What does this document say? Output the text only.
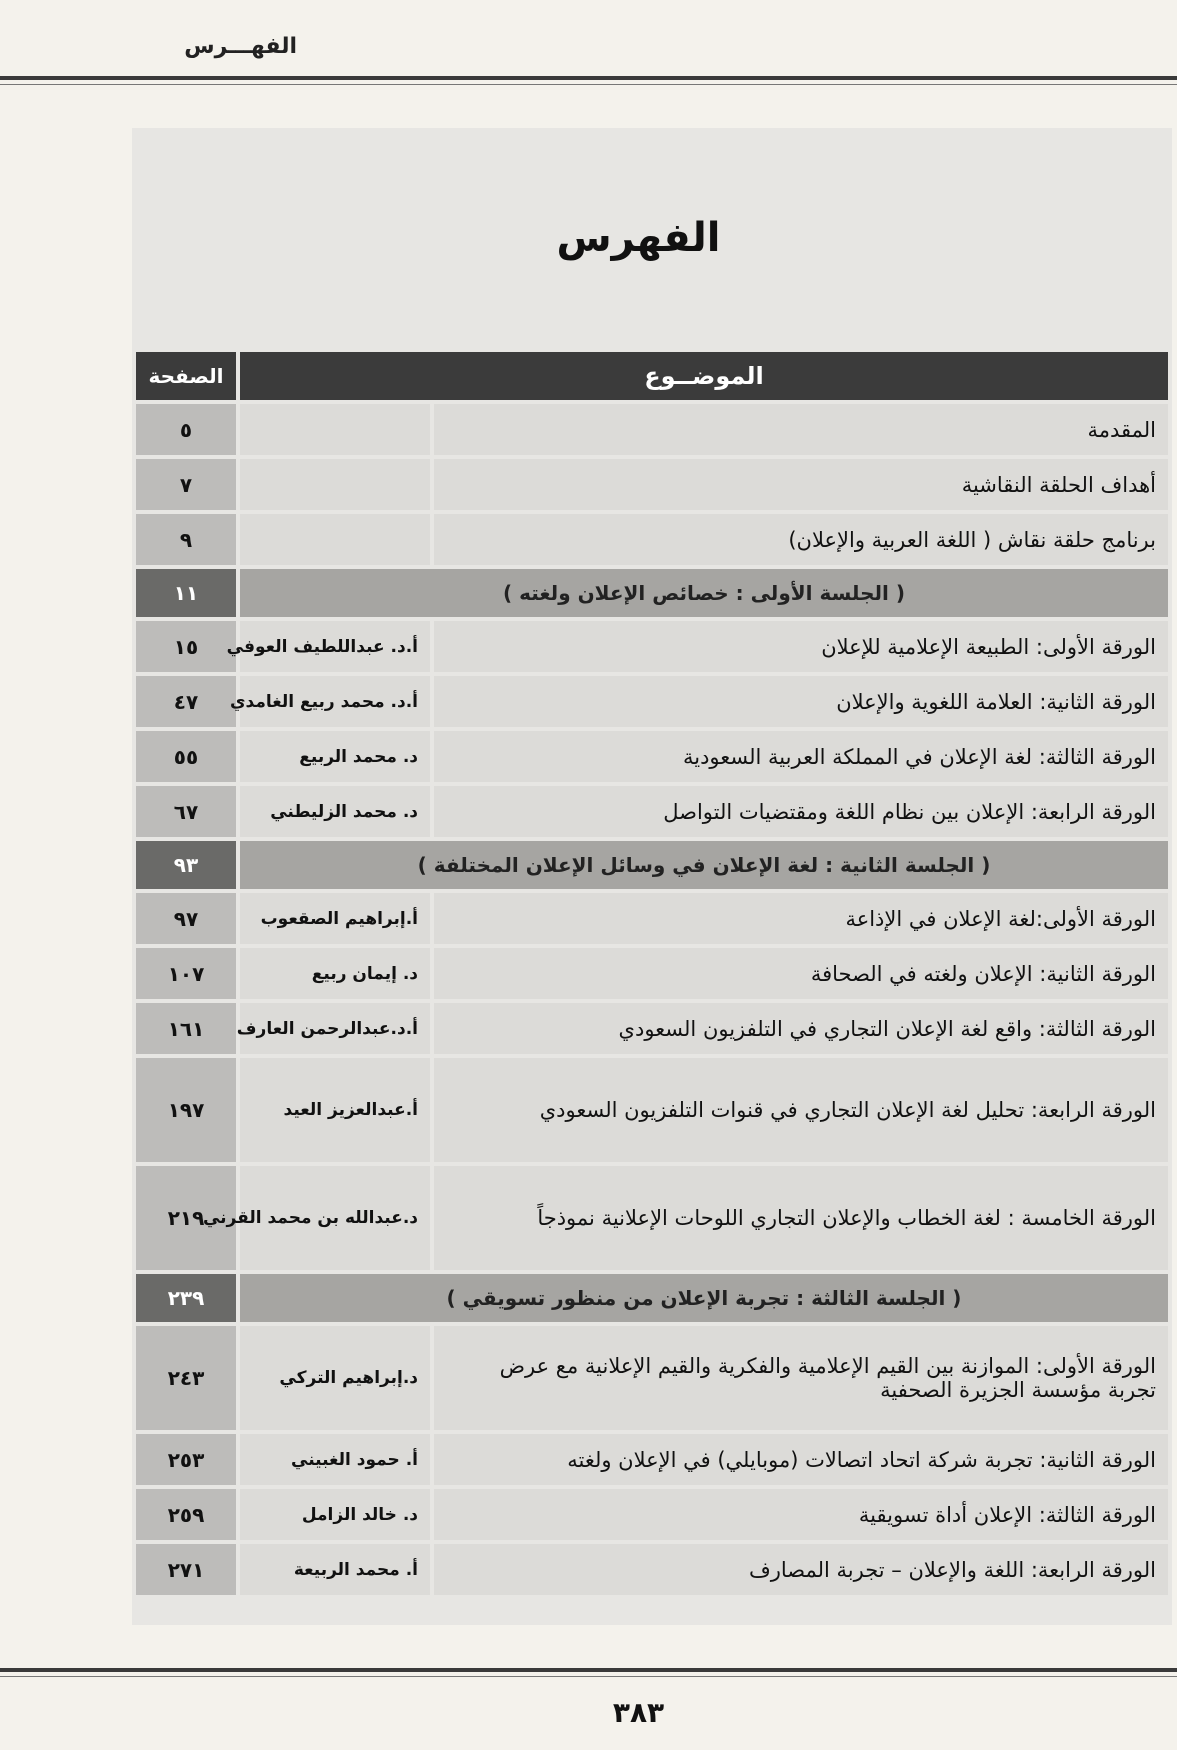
الفهـــرس
الفهرس
الموضــوع		الصفحة
المقدمة		٥
أهداف الحلقة النقاشية		٧
برنامج حلقة نقاش ( اللغة العربية والإعلان)		٩
( الجلسة الأولى : خصائص الإعلان ولغته )		١١
الورقة الأولى: الطبيعة الإعلامية للإعلان	أ.د. عبداللطيف العوفي	١٥
الورقة الثانية: العلامة اللغوية والإعلان	أ.د. محمد ربيع الغامدي	٤٧
الورقة الثالثة: لغة الإعلان في المملكة العربية السعودية	د. محمد الربيع	٥٥
الورقة الرابعة: الإعلان بين نظام اللغة ومقتضيات التواصل	د. محمد الزليطني	٦٧
( الجلسة الثانية : لغة الإعلان في وسائل الإعلان المختلفة )		٩٣
الورقة الأولى:لغة الإعلان في الإذاعة	أ.إبراهيم الصقعوب	٩٧
الورقة الثانية: الإعلان ولغته في الصحافة	د. إيمان ربيع	١٠٧
الورقة الثالثة: واقع لغة الإعلان التجاري في التلفزيون السعودي	أ.د.عبدالرحمن العارف	١٦١
الورقة الرابعة: تحليل لغة الإعلان التجاري في قنوات التلفزيون السعودي	أ.عبدالعزيز العيد	١٩٧
الورقة الخامسة : لغة الخطاب والإعلان التجاري اللوحات الإعلانية نموذجاً	د.عبدالله بن محمد القرني	٢١٩
( الجلسة الثالثة : تجربة الإعلان من منظور تسويقي )		٢٣٩
الورقة الأولى: الموازنة بين القيم الإعلامية والفكرية والقيم الإعلانية مع عرض تجربة مؤسسة الجزيرة الصحفية	د.إبراهيم التركي	٢٤٣
الورقة الثانية: تجربة شركة اتحاد اتصالات (موبايلي) في الإعلان ولغته	أ. حمود الغبيني	٢٥٣
الورقة الثالثة: الإعلان أداة تسويقية	د. خالد الزامل	٢٥٩
الورقة الرابعة: اللغة والإعلان – تجربة المصارف	أ. محمد الربيعة	٢٧١
٣٨٣
